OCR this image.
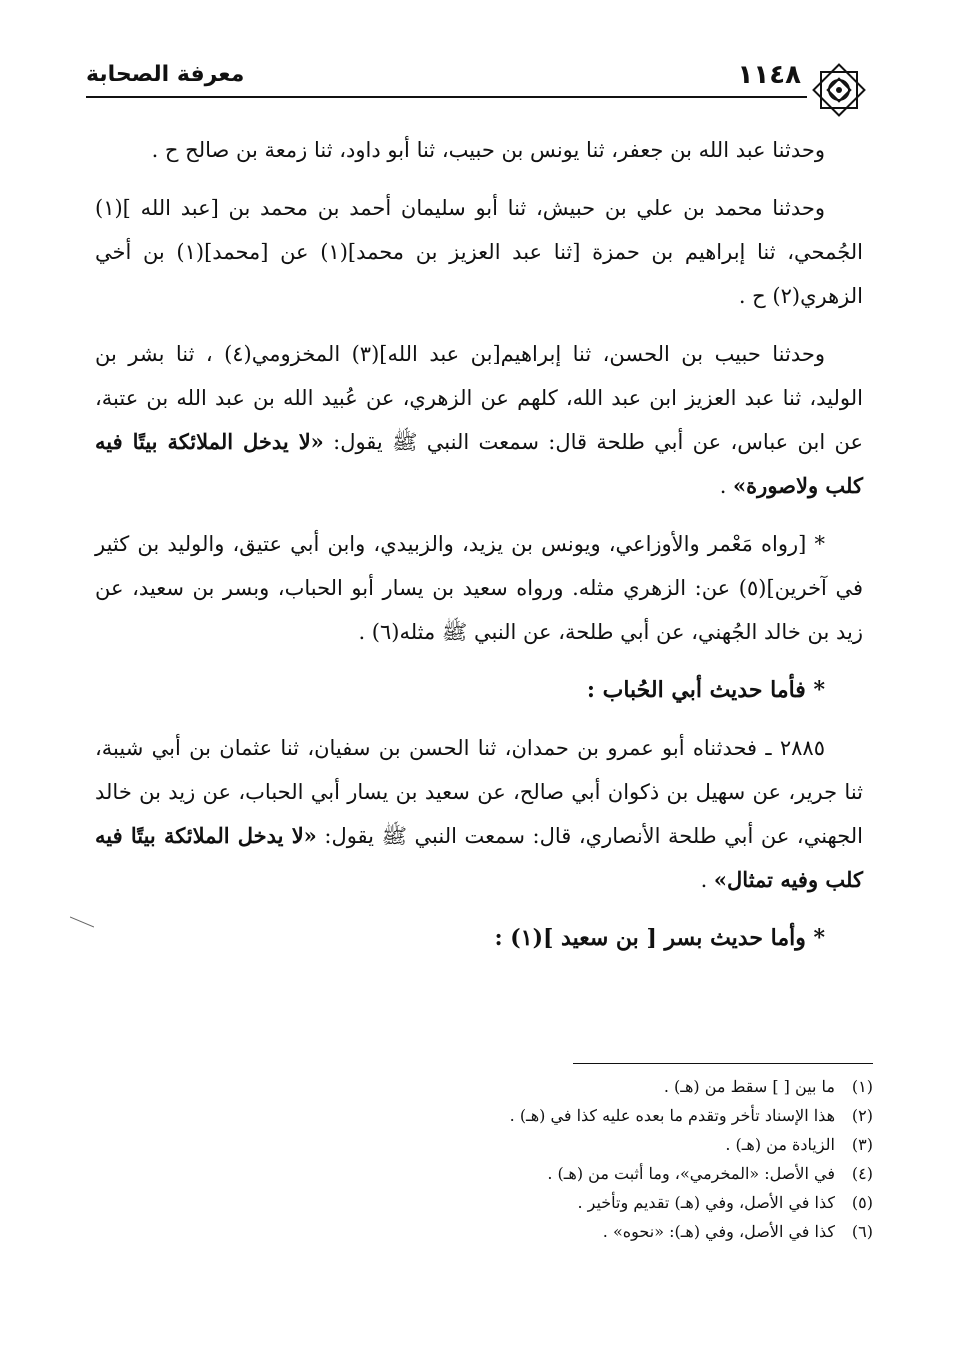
١١٤٨
معرفة الصحابة

وحدثنا عبد الله بن جعفر، ثنا يونس بن حبيب، ثنا أبو داود، ثنا زمعة بن صالح ح .

وحدثنا محمد بن علي بن حبيش، ثنا أبو سليمان أحمد بن محمد بن [عبد الله ](١) الجُمحي، ثنا إبراهيم بن حمزة [ثنا عبد العزيز بن محمد](١) عن [محمد](١) بن أخي الزهري(٢) ح .

وحدثنا حبيب بن الحسن، ثنا إبراهيم[بن عبد الله](٣) المخزومي(٤) ، ثنا بشر بن الوليد، ثنا عبد العزيز ابن عبد الله، كلهم عن الزهري، عن عُبيد الله بن عبد الله بن عتبة، عن ابن عباس، عن أبي طلحة قال: سمعت النبي ﷺ يقول: «لا يدخل الملائكة بيتًا فيه كلب ولاصورة» .

* [رواه مَعْمر والأوزاعي، ويونس بن يزيد، والزبيدي، وابن أبي عتيق، والوليد بن كثير في آخرين](٥) عن: الزهري مثله. ورواه سعيد بن يسار أبو الحباب، وبسر بن سعيد، عن زيد بن خالد الجُهني، عن أبي طلحة، عن النبي ﷺ مثله(٦) .

* فأما حديث أبي الحُباب :

٢٨٨٥ ـ فحدثناه أبو عمرو بن حمدان، ثنا الحسن بن سفيان، ثنا عثمان بن أبي شيبة، ثنا جرير، عن سهيل بن ذكوان أبي صالح، عن سعيد بن يسار أبي الحباب، عن زيد بن خالد الجهني، عن أبي طلحة الأنصاري، قال: سمعت النبي ﷺ يقول: «لا يدخل الملائكة بيتًا فيه كلب وفيه تمثال» .

* وأما حديث بسر [ بن سعيد ](١) :

(١)ما بين [ ] سقط من (هـ) .
(٢)هذا الإسناد تأخر وتقدم ما بعده عليه كذا في (هـ) .
(٣)الزيادة من (هـ) .
(٤)في الأصل: «المخرمي»، وما أثبت من (هـ) .
(٥)كذا في الأصل، وفي (هـ) تقديم وتأخير .
(٦)كذا في الأصل، وفي (هـ): «نحوه» .
